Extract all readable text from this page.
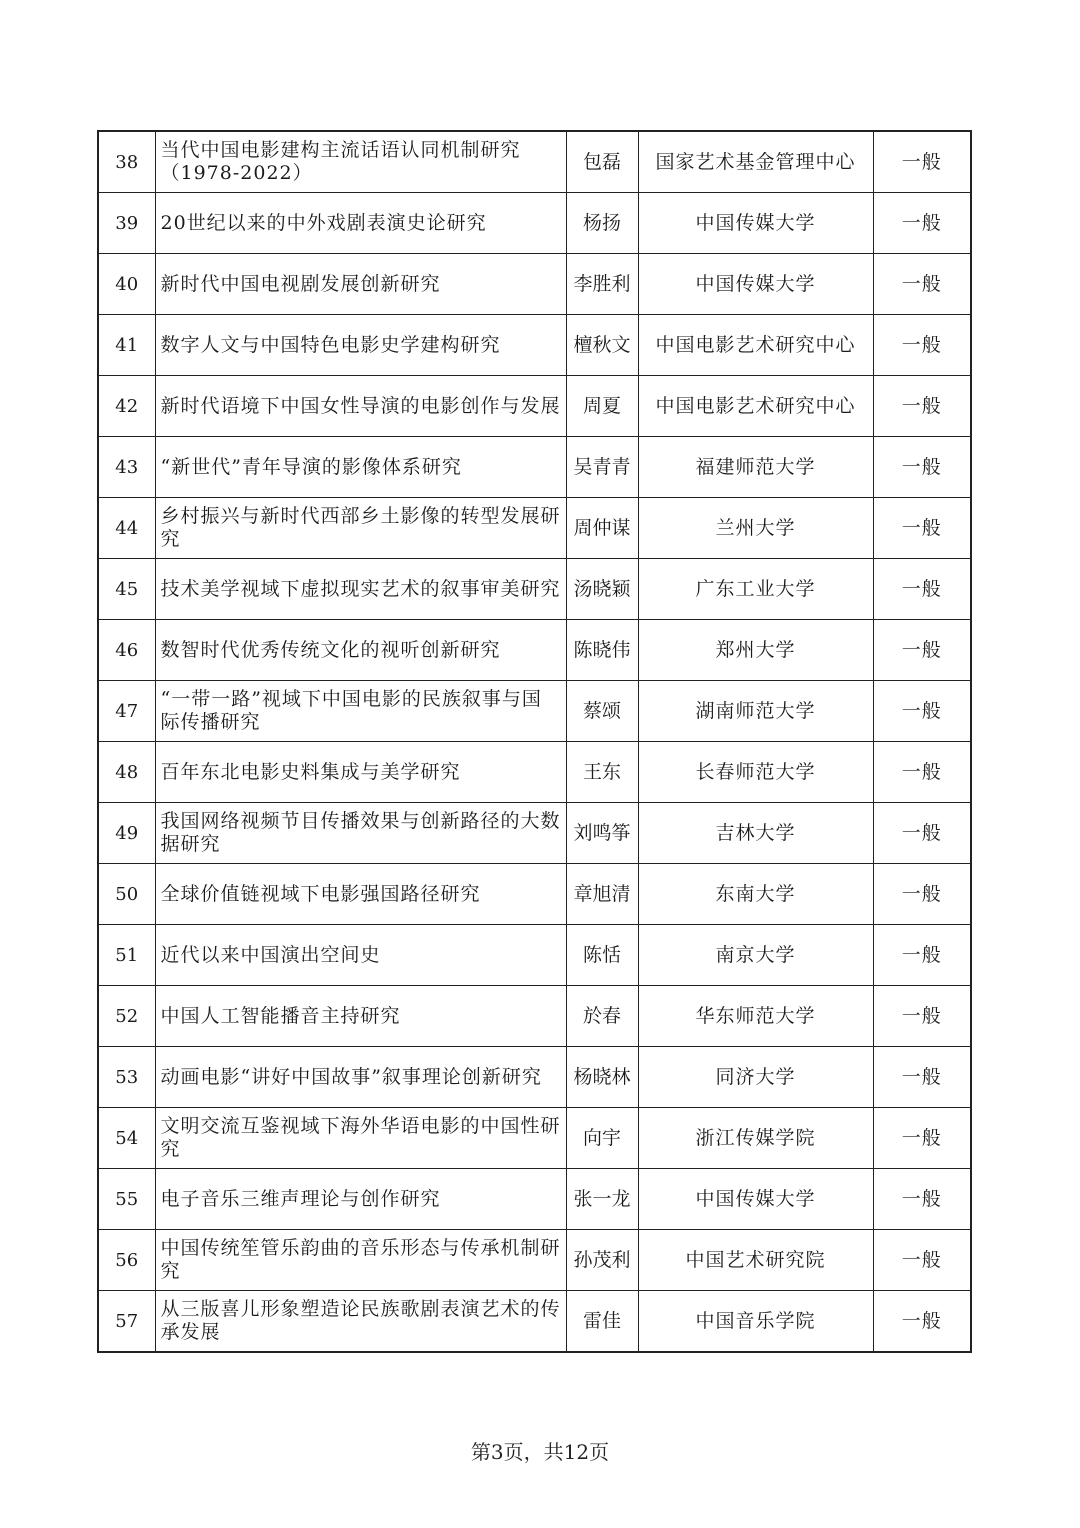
38	当代中国电影建构主流话语认同机制研究（1978-2022）	包磊	国家艺术基金管理中心	一般
39	20世纪以来的中外戏剧表演史论研究	杨扬	中国传媒大学	一般
40	新时代中国电视剧发展创新研究	李胜利	中国传媒大学	一般
41	数字人文与中国特色电影史学建构研究	檀秋文	中国电影艺术研究中心	一般
42	新时代语境下中国女性导演的电影创作与发展	周夏	中国电影艺术研究中心	一般
43	“新世代”青年导演的影像体系研究	吴青青	福建师范大学	一般
44	乡村振兴与新时代西部乡土影像的转型发展研究	周仲谋	兰州大学	一般
45	技术美学视域下虚拟现实艺术的叙事审美研究	汤晓颖	广东工业大学	一般
46	数智时代优秀传统文化的视听创新研究	陈晓伟	郑州大学	一般
47	“一带一路”视域下中国电影的民族叙事与国际传播研究	蔡颂	湖南师范大学	一般
48	百年东北电影史料集成与美学研究	王东	长春师范大学	一般
49	我国网络视频节目传播效果与创新路径的大数据研究	刘鸣筝	吉林大学	一般
50	全球价值链视域下电影强国路径研究	章旭清	东南大学	一般
51	近代以来中国演出空间史	陈恬	南京大学	一般
52	中国人工智能播音主持研究	於春	华东师范大学	一般
53	动画电影“讲好中国故事”叙事理论创新研究	杨晓林	同济大学	一般
54	文明交流互鉴视域下海外华语电影的中国性研究	向宇	浙江传媒学院	一般
55	电子音乐三维声理论与创作研究	张一龙	中国传媒大学	一般
56	中国传统笙管乐韵曲的音乐形态与传承机制研究	孙茂利	中国艺术研究院	一般
57	从三版喜儿形象塑造论民族歌剧表演艺术的传承发展	雷佳	中国音乐学院	一般
第3页，共12页
